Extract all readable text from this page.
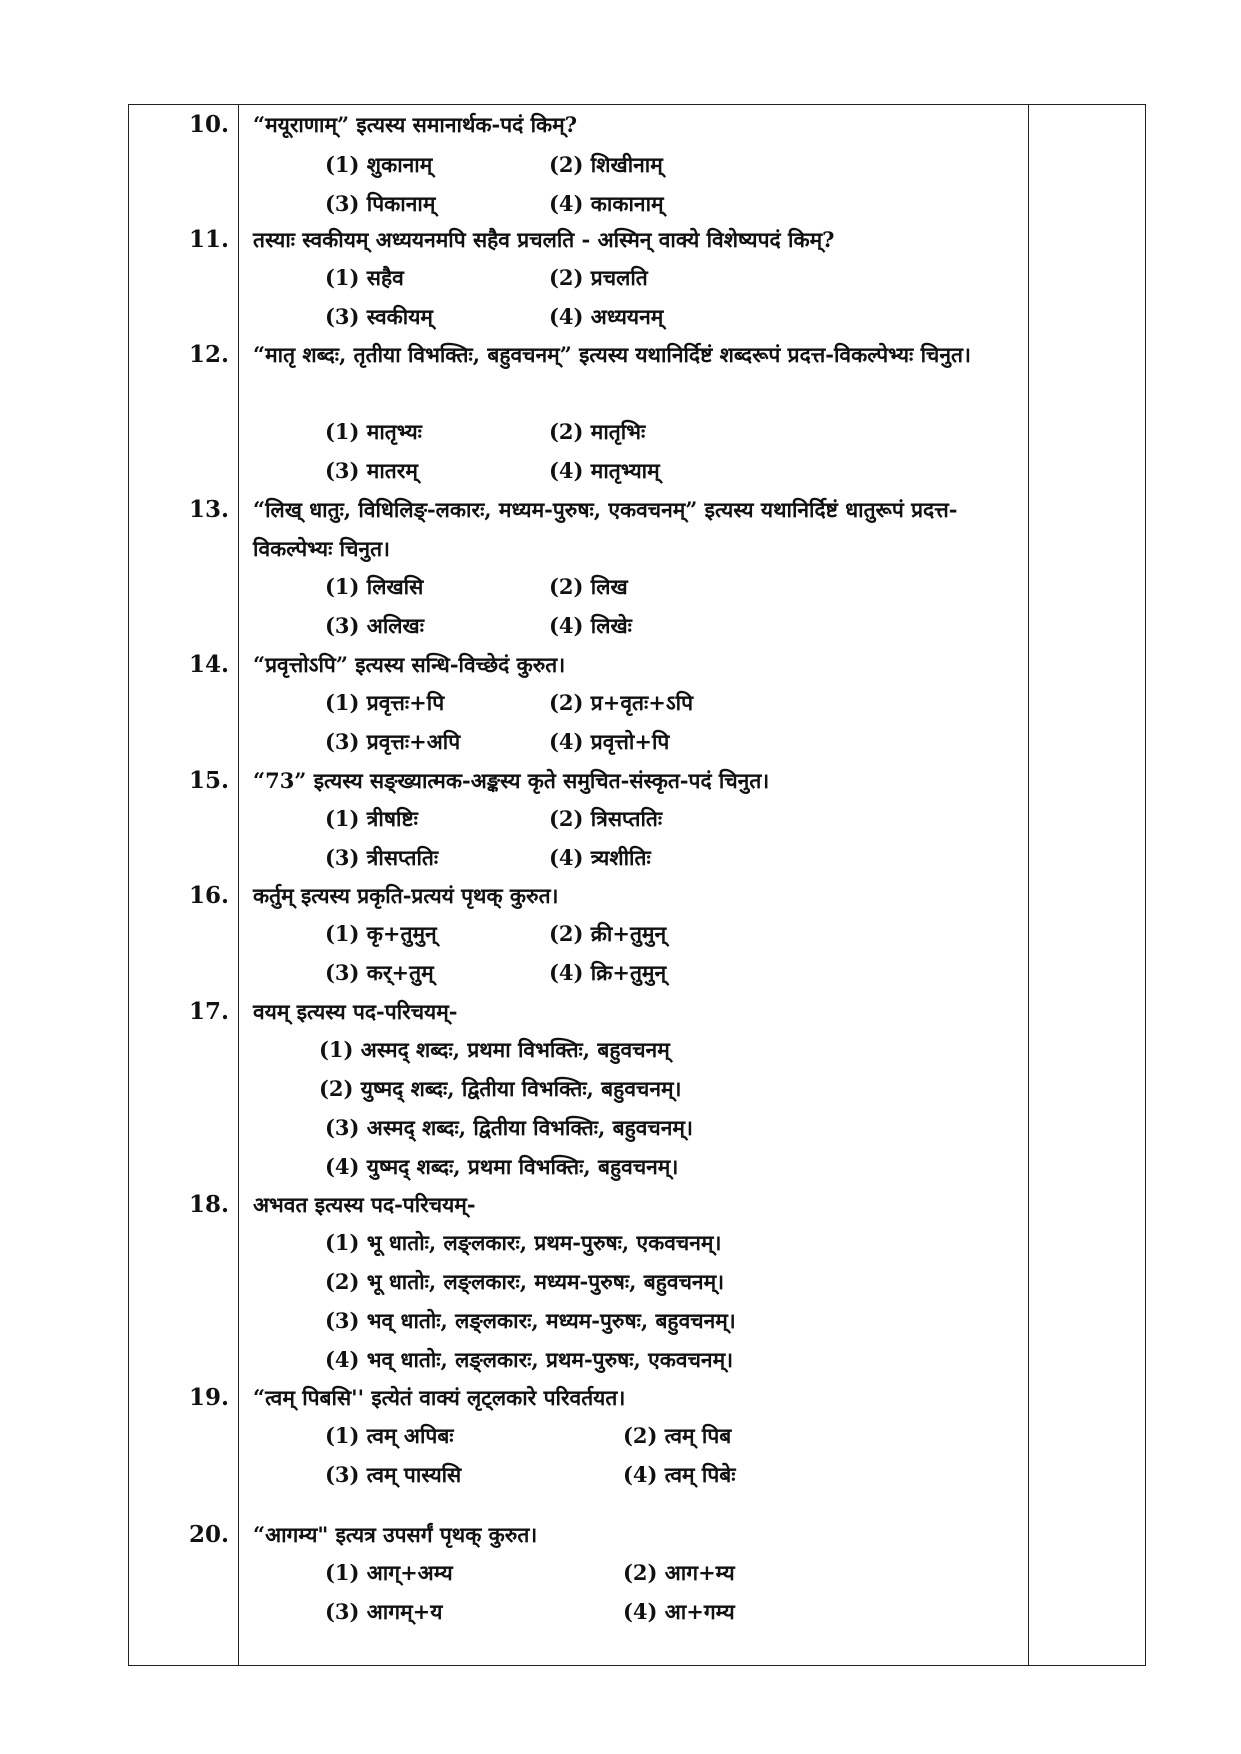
10. “मयूराणाम्” इत्यस्य समानार्थक-पदं किम्?
(1) शुकानाम्	(2) शिखीनाम्
(3) पिकानाम्	(4) काकानाम्
11. तस्याः स्वकीयम् अध्ययनमपि सहैव प्रचलति - अस्मिन् वाक्ये विशेष्यपदं किम्?
(1) सहैव	(2) प्रचलति
(3) स्वकीयम्	(4) अध्ययनम्
12. “मातृ शब्दः, तृतीया विभक्तिः, बहुवचनम्” इत्यस्य यथानिर्दिष्टं शब्दरूपं प्रदत्त-विकल्पेभ्यः चिनुत।
(1) मातृभ्यः	(2) मातृभिः
(3) मातरम्	(4) मातृभ्याम्
13. “लिख् धातुः, विधिलिङ्-लकारः, मध्यम-पुरुषः, एकवचनम्” इत्यस्य यथानिर्दिष्टं धातुरूपं प्रदत्त-विकल्पेभ्यः चिनुत।
(1) लिखसि	(2) लिख
(3) अलिखः	(4) लिखेः
14. “प्रवृत्तोऽपि” इत्यस्य सन्धि-विच्छेदं कुरुत।
(1) प्रवृत्तः+पि	(2) प्र+वृतः+ऽपि
(3) प्रवृत्तः+अपि	(4) प्रवृत्तो+पि
15. “73” इत्यस्य सङ्ख्यात्मक-अङ्कस्य कृते समुचित-संस्कृत-पदं चिनुत।
(1) त्रीषष्टिः	(2) त्रिसप्ततिः
(3) त्रीसप्ततिः	(4) त्र्यशीतिः
16. कर्तुम् इत्यस्य प्रकृति-प्रत्ययं पृथक् कुरुत।
(1) कृ+तुमुन्	(2) क्री+तुमुन्
(3) कर्+तुम्	(4) क्रि+तुमुन्
17. वयम् इत्यस्य पद-परिचयम्-
(1) अस्मद् शब्दः, प्रथमा विभक्तिः, बहुवचनम्
(2) युष्मद् शब्दः, द्वितीया विभक्तिः, बहुवचनम्।
(3) अस्मद् शब्दः, द्वितीया विभक्तिः, बहुवचनम्।
(4) युष्मद् शब्दः, प्रथमा विभक्तिः, बहुवचनम्।
18. अभवत इत्यस्य पद-परिचयम्-
(1) भू धातोः, लङ्लकारः, प्रथम-पुरुषः, एकवचनम्।
(2) भू धातोः, लङ्लकारः, मध्यम-पुरुषः, बहुवचनम्।
(3) भव् धातोः, लङ्लकारः, मध्यम-पुरुषः, बहुवचनम्।
(4) भव् धातोः, लङ्लकारः, प्रथम-पुरुषः, एकवचनम्।
19. “त्वम् पिबसि'' इत्येतं वाक्यं लृट्लकारे परिवर्तयत।
(1) त्वम् अपिबः	(2) त्वम् पिब
(3) त्वम् पास्यसि	(4) त्वम् पिबेः
20. “आगम्य" इत्यत्र उपसर्गं पृथक् कुरुत।
(1) आग्+अम्य	(2) आग+म्य
(3) आगम्+य	(4) आ+गम्य
